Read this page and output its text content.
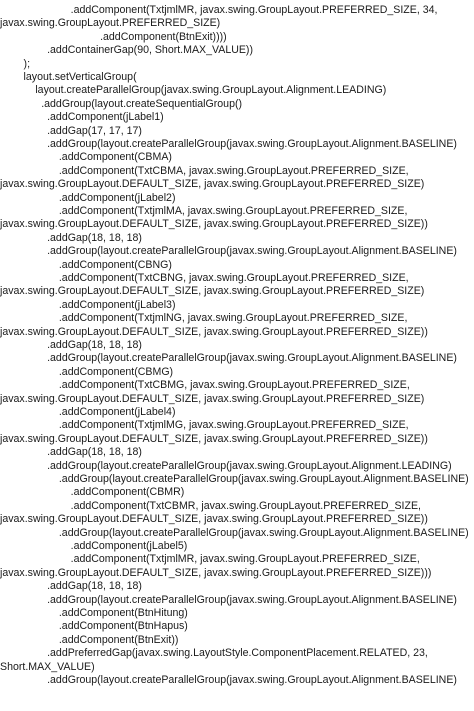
.addComponent(TxtjmlMR, javax.swing.GroupLayout.PREFERRED_SIZE, 34,
javax.swing.GroupLayout.PREFERRED_SIZE)
.addComponent(BtnExit))))
.addContainerGap(90, Short.MAX_VALUE))
);
layout.setVerticalGroup(
layout.createParallelGroup(javax.swing.GroupLayout.Alignment.LEADING)
.addGroup(layout.createSequentialGroup()
.addComponent(jLabel1)
.addGap(17, 17, 17)
.addGroup(layout.createParallelGroup(javax.swing.GroupLayout.Alignment.BASELINE)
.addComponent(CBMA)
.addComponent(TxtCBMA, javax.swing.GroupLayout.PREFERRED_SIZE,
javax.swing.GroupLayout.DEFAULT_SIZE, javax.swing.GroupLayout.PREFERRED_SIZE)
.addComponent(jLabel2)
.addComponent(TxtjmlMA, javax.swing.GroupLayout.PREFERRED_SIZE,
javax.swing.GroupLayout.DEFAULT_SIZE, javax.swing.GroupLayout.PREFERRED_SIZE))
.addGap(18, 18, 18)
.addGroup(layout.createParallelGroup(javax.swing.GroupLayout.Alignment.BASELINE)
.addComponent(CBNG)
.addComponent(TxtCBNG, javax.swing.GroupLayout.PREFERRED_SIZE,
javax.swing.GroupLayout.DEFAULT_SIZE, javax.swing.GroupLayout.PREFERRED_SIZE)
.addComponent(jLabel3)
.addComponent(TxtjmlNG, javax.swing.GroupLayout.PREFERRED_SIZE,
javax.swing.GroupLayout.DEFAULT_SIZE, javax.swing.GroupLayout.PREFERRED_SIZE))
.addGap(18, 18, 18)
.addGroup(layout.createParallelGroup(javax.swing.GroupLayout.Alignment.BASELINE)
.addComponent(CBMG)
.addComponent(TxtCBMG, javax.swing.GroupLayout.PREFERRED_SIZE,
javax.swing.GroupLayout.DEFAULT_SIZE, javax.swing.GroupLayout.PREFERRED_SIZE)
.addComponent(jLabel4)
.addComponent(TxtjmlMG, javax.swing.GroupLayout.PREFERRED_SIZE,
javax.swing.GroupLayout.DEFAULT_SIZE, javax.swing.GroupLayout.PREFERRED_SIZE))
.addGap(18, 18, 18)
.addGroup(layout.createParallelGroup(javax.swing.GroupLayout.Alignment.LEADING)
.addGroup(layout.createParallelGroup(javax.swing.GroupLayout.Alignment.BASELINE)
.addComponent(CBMR)
.addComponent(TxtCBMR, javax.swing.GroupLayout.PREFERRED_SIZE,
javax.swing.GroupLayout.DEFAULT_SIZE, javax.swing.GroupLayout.PREFERRED_SIZE))
.addGroup(layout.createParallelGroup(javax.swing.GroupLayout.Alignment.BASELINE)
.addComponent(jLabel5)
.addComponent(TxtjmlMR, javax.swing.GroupLayout.PREFERRED_SIZE,
javax.swing.GroupLayout.DEFAULT_SIZE, javax.swing.GroupLayout.PREFERRED_SIZE)))
.addGap(18, 18, 18)
.addGroup(layout.createParallelGroup(javax.swing.GroupLayout.Alignment.BASELINE)
.addComponent(BtnHitung)
.addComponent(BtnHapus)
.addComponent(BtnExit))
.addPreferredGap(javax.swing.LayoutStyle.ComponentPlacement.RELATED, 23,
Short.MAX_VALUE)
.addGroup(layout.createParallelGroup(javax.swing.GroupLayout.Alignment.BASELINE)
